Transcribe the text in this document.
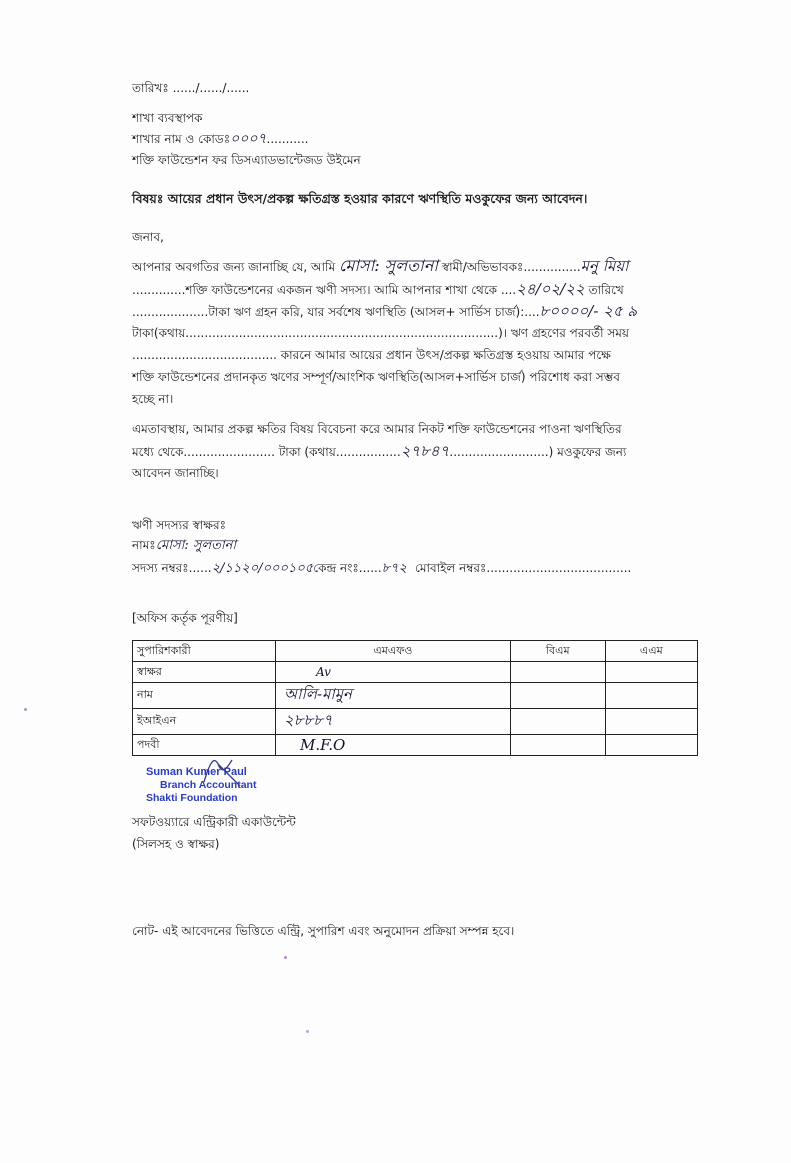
তারিখঃ ....../....../......
শাখা ব্যবস্থাপক
শাখার নাম ও কোডঃ০০০৭...........
শক্তি ফাউন্ডেশন ফর ডিসএ্যাডভান্টেজড উইমেন
বিষয়ঃ আয়ের প্রধান উৎস/প্রকল্প ক্ষতিগ্রস্ত হওয়ার কারণে ঋণস্থিতি মওকুফের জন্য আবেদন।
জনাব,
আপনার অবগতির জন্য জানাচ্ছি যে, আমি মোসা: সুলতানা স্বামী/অভিভাবকঃ...............মনু মিয়া
..............শক্তি ফাউন্ডেশনের একজন ঋণী সদস্য। আমি আপনার শাখা থেকে ....২৪/০২/২২ তারিখে
....................টাকা ঋণ গ্রহন করি, যার সর্বশেষ ঋণস্থিতি (আসল+ সার্ভিস চার্জ):....৮০০০০/- ২৫ ৯
টাকা(কথায়..................................................................................)। ঋণ গ্রহণের পরবর্তী সময়
...................................... কারনে আমার আয়ের প্রধান উৎস/প্রকল্প ক্ষতিগ্রস্ত হওয়ায় আমার পক্ষে
শক্তি ফাউন্ডেশনের প্রদানকৃত ঋণের সম্পূর্ণ/আংশিক ঋণস্থিতি(আসল+সার্ভিস চার্জ) পরিশোধ করা সম্ভব
হচ্ছে না।
এমতাবস্থায়, আমার প্রকল্প ক্ষতির বিষয় বিবেচনা করে আমার নিকট শক্তি ফাউন্ডেশনের পাওনা ঋণস্থিতির
মধ্যে থেকে........................ টাকা (কথায়.................২৭৮৪৭..........................) মওকুফের জন্য
আবেদন জানাচ্ছি।
ঋণী সদস্যর স্বাক্ষরঃ
নামঃমোসা: সুলতানা
সদস্য নম্বরঃ......২/১১২০/০০০১০৫কেন্দ্র নংঃ......৮৭২ মোবাইল নম্বরঃ......................................
[অফিস কর্তৃক পূরণীয়]
সুপারিশকারী	এমএফও	বিএম	এএম
স্বাক্ষর	Av		
নাম	আলি-মামুন		
ইআইএন	২৮৮৮৭		
পদবী	M.F.O		
Suman Kumer Paul
Branch Accountant
Shakti Foundation
সফটওয়্যারে এন্ট্রিকারী একাউন্টেন্ট
(সিলসহ ও স্বাক্ষর)
নোট- এই আবেদনের ভিত্তিতে এন্ট্রি, সুপারিশ এবং অনুমোদন প্রক্রিয়া সম্পন্ন হবে।
